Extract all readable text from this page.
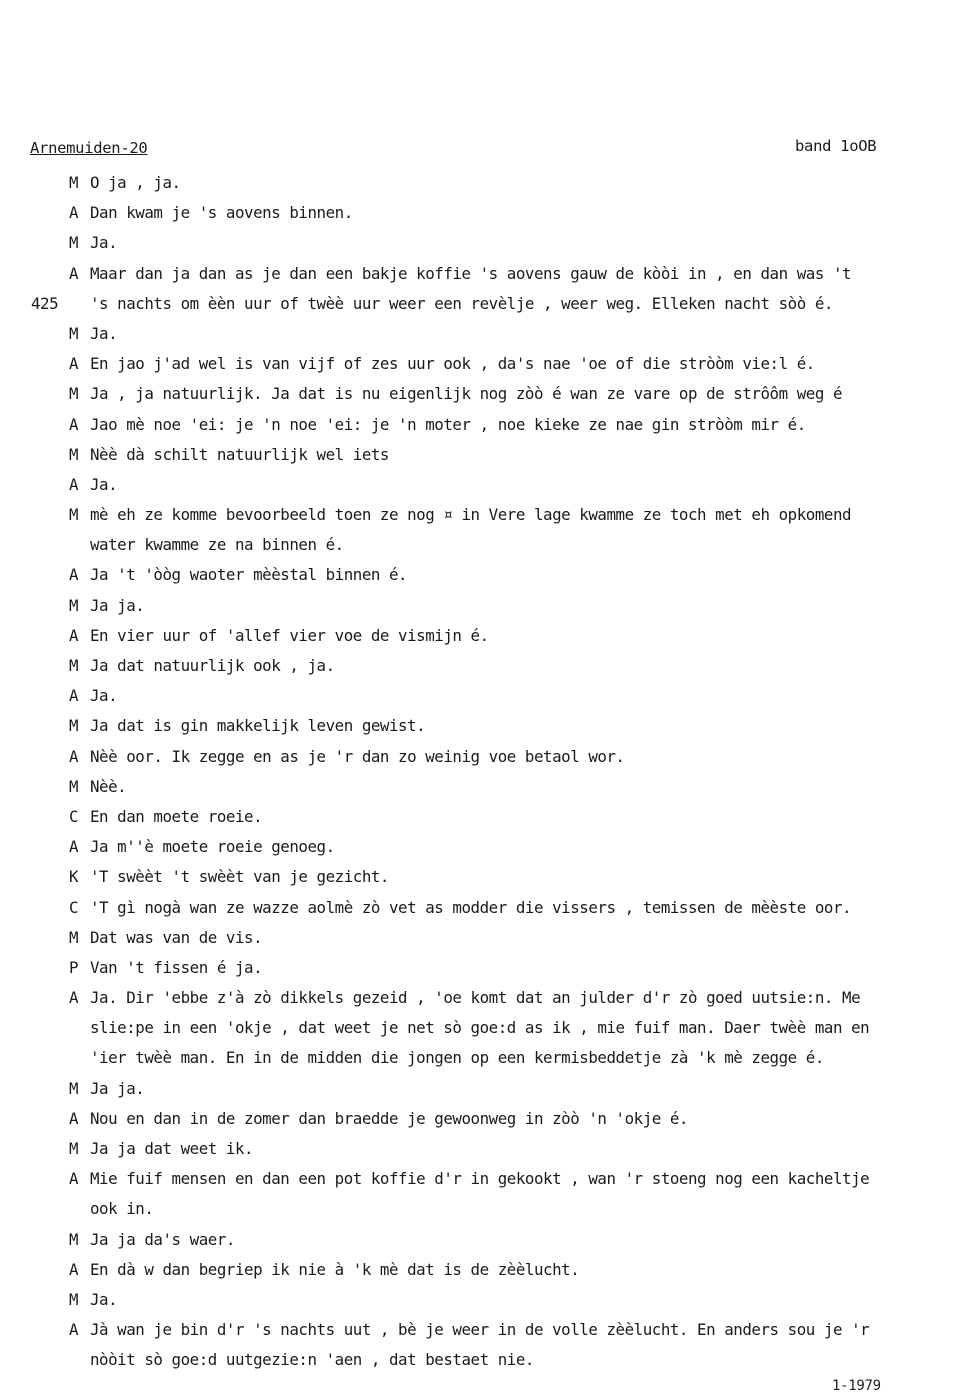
Arnemuiden-20	band 1oOB
M O ja , ja.
A Dan kwam je 's aovens binnen.
M Ja.
A Maar dan ja dan as je dan een bakje koffie 's aovens gauw de kòòi in , en dan was 't
425 's nachts om èèn uur of twèè uur weer een revèlje , weer weg. Elleken nacht sòò é.
M Ja.
A En jao j'ad wel is van vijf of zes uur ook , da's nae 'oe of die stròòm vie:l é.
M Ja , ja natuurlijk. Ja dat is nu eigenlijk nog zòò é wan ze vare op de strôôm weg é
A Jao mè noe 'ei: je 'n noe 'ei: je 'n moter , noe kieke ze nae gin stròòm mir é.
M Nèè dà schilt natuurlijk wel iets
A Ja.
M mè eh ze komme bevoorbeeld toen ze nog ¤ in Vere lage kwamme ze toch met eh opkomend
water kwamme ze na binnen é.
A Ja 't 'òòg waoter mèèstal binnen é.
M Ja ja.
A En vier uur of 'allef vier voe de vismijn é.
M Ja dat natuurlijk ook , ja.
A Ja.
M Ja dat is gin makkelijk leven gewist.
A Nèè oor. Ik zegge en as je 'r dan zo weinig voe betaol wor.
M Nèè.
C En dan moete roeie.
A Ja m''è moete roeie genoeg.
K 'T swèèt 't swèèt van je gezicht.
C 'T gì nogà wan ze wazze aolmè zò vet as modder die vissers , temissen de mèèste oor.
M Dat was van de vis.
P Van 't fissen é ja.
A Ja. Dir 'ebbe z'à zò dikkels gezeid , 'oe komt dat an julder d'r zò goed uutsie:n. Me
slie:pe in een 'okje , dat weet je net sò goe:d as ik , mie fuif man. Daer twèè man en
'ier twèè man. En in de midden die jongen op een kermisbeddetje zà 'k mè zegge é.
M Ja ja.
A Nou en dan in de zomer dan braedde je gewoonweg in zòò 'n 'okje é.
M Ja ja dat weet ik.
A Mie fuif mensen en dan een pot koffie d'r in gekookt , wan 'r stoeng nog een kacheltje
ook in.
M Ja ja da's waer.
A En dà w dan begriep ik nie à 'k mè dat is de zèèlucht.
M Ja.
A Jà wan je bin d'r 's nachts uut , bè je weer in de volle zèèlucht. En anders sou je 'r
nòòit sò goe:d uutgezie:n 'aen , dat bestaet nie.
1-1979
